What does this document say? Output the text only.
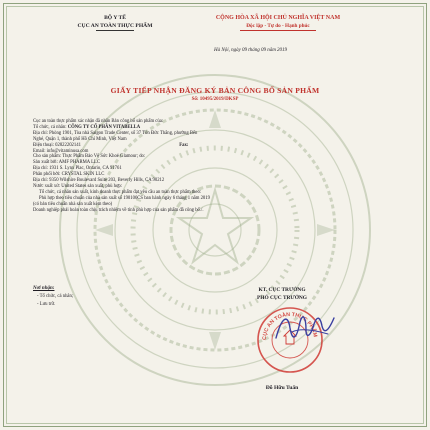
BỘ Y TẾ
CỤC AN TOÀN THỰC PHẨM
CỘNG HÒA XÃ HỘI CHỦ NGHĨA VIỆT NAM
Độc lập - Tự do - Hạnh phúc
Hà Nội, ngày 09 tháng 09 năm 2019
GIẤY TIẾP NHẬN ĐĂNG KÝ BẢN CÔNG BỐ SẢN PHẨM
Số: 10495/2019/DKSP
Cục an toàn thực phẩm xác nhận đã nhận Bản công bố sản phẩm của:
Tổ chức, cá nhân: CÔNG TY CỔ PHẦN VITABELLA
Địa chỉ: Phòng 1901, Tòa nhà Saigon Trade Center, số 37 Tôn Đức Thắng, phường Bến
Nghé, Quận 1, thành phố Hồ Chí Minh, Việt Nam
Điện thoại: 02822202141	Fax:
Email: info@vitaminusa.com
Cho sản phẩm: Thực Phẩm Bảo Vệ Sức Khoẻ Glamour; do:
Sản xuất bởi: AMF PHARMA LLC
Địa chỉ: 1931 S. Lynx Plac, Ontario, CA 91761
Phân phối bởi: CRYSTAL SKIN LLC
Địa chỉ: 9350 Wilshire Boulevard Suite 203, Beverly Hills, CA 90212
Nước xuất xứ: United States sản xuất, phù hợp:
Tổ chức, cá nhân sản xuất, kinh doanh thực phẩm đạt yêu cầu an toàn thực phẩm theo:
Phù hợp theo tiêu chuẩn của nhà sản xuất số 190106CS ban hành ngày 6 tháng 1 năm 2019
(có bản tiêu chuẩn nhà sản xuất kèm theo)
Doanh nghiệp phải hoàn toàn chịu trách nhiệm về tính phù hợp của sản phẩm đã công bố./.
Nơi nhận:
- Tổ chức, cá nhân;
- Lưu trữ.
KT. CỤC TRƯỞNG
PHÓ CỤC TRƯỞNG
CỤC AN TOÀN THỰC PHẨM
Đỗ Hữu Tuấn
